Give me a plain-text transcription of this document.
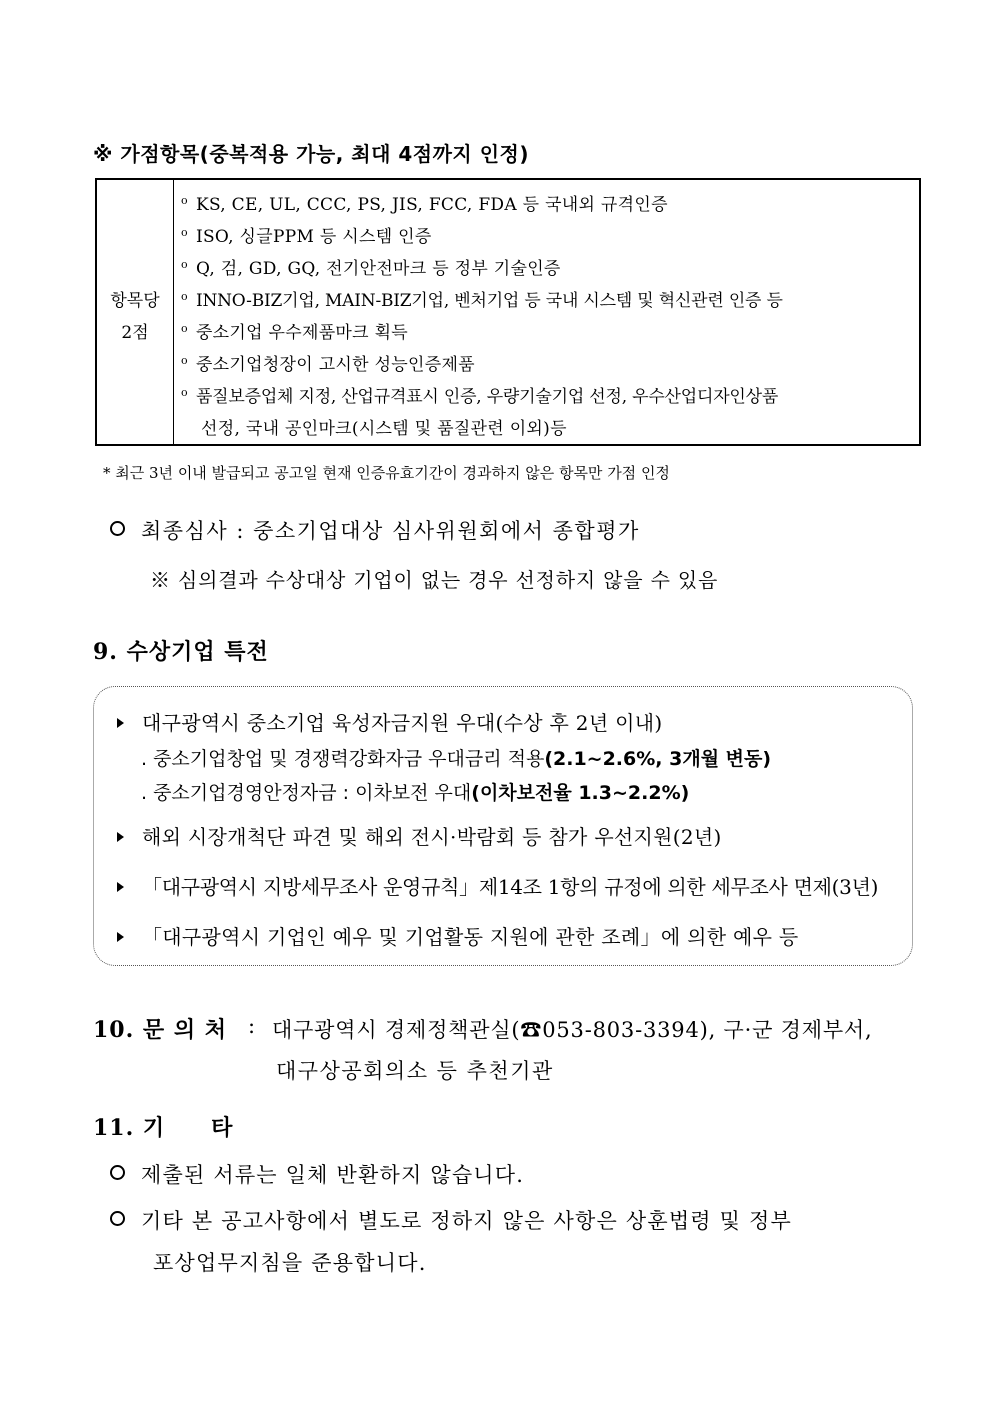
※ 가점항목(중복적용 가능, 최대 4점까지 인정)
항목당
2점
$^o$ KS, CE, UL, CCC, PS, JIS, FCC, FDA 등 국내외 규격인증
$^o$ ISO, 싱글PPM 등 시스템 인증
$^o$ Q, 검, GD, GQ, 전기안전마크 등 정부 기술인증
$^o$ INNO-BIZ기업, MAIN-BIZ기업, 벤처기업 등 국내 시스템 및 혁신관련 인증 등
$^o$ 중소기업 우수제품마크 획득
$^o$ 중소기업청장이 고시한 성능인증제품
$^o$ 품질보증업체 지정, 산업규격표시 인증, 우량기술기업 선정, 우수산업디자인상품
선정, 국내 공인마크(시스템 및 품질관련 이외)등
* 최근 3년 이내 발급되고 공고일 현재 인증유효기간이 경과하지 않은 항목만 가점 인정
최종심사 : 중소기업대상 심사위원회에서 종합평가
※ 심의결과 수상대상 기업이 없는 경우 선정하지 않을 수 있음
9. 수상기업 특전
대구광역시 중소기업 육성자금지원 우대(수상 후 2년 이내)
. 중소기업창업 및 경쟁력강화자금 우대금리 적용(2.1~2.6%, 3개월 변동)
. 중소기업경영안정자금 : 이차보전 우대(이차보전율 1.3~2.2%)
해외 시장개척단 파견 및 해외 전시·박람회 등 참가 우선지원(2년)
「대구광역시 지방세무조사 운영규칙」제14조 1항의 규정에 의한 세무조사 면제(3년)
「대구광역시 기업인 예우 및 기업활동 지원에 관한 조례」에 의한 예우 등
10. 문 의 처 : 대구광역시 경제정책관실(☎053-803-3394), 구·군 경제부서,
대구상공회의소 등 추천기관
11. 기　　타
제출된 서류는 일체 반환하지 않습니다.
기타 본 공고사항에서 별도로 정하지 않은 사항은 상훈법령 및 정부
포상업무지침을 준용합니다.
